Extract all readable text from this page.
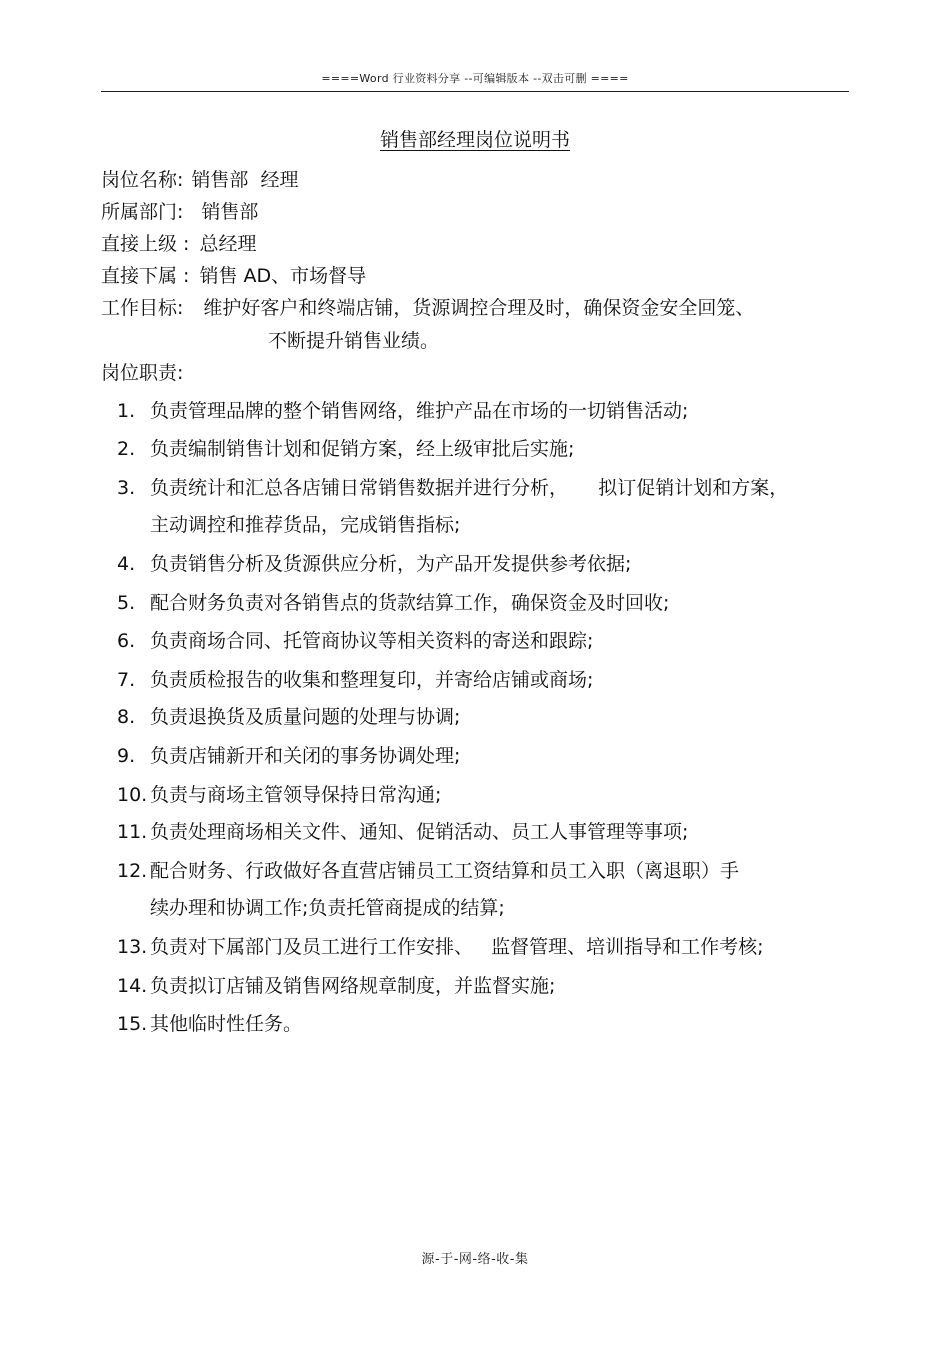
====Word 行业资料分享 --可编辑版本 --双击可删 ====
销售部经理岗位说明书
岗位名称: 销售部  经理
所属部门: 销售部
直接上级 : 总经理
直接下属 : 销售 AD、市场督导
工作目标: 维护好客户和终端店铺，货源调控合理及时，确保资金安全回笼、
不断提升销售业绩。
岗位职责:
1. 负责管理品牌的整个销售网络，维护产品在市场的一切销售活动;
2. 负责编制销售计划和促销方案，经上级审批后实施;
3. 负责统计和汇总各店铺日常销售数据并进行分析，     拟订促销计划和方案，
主动调控和推荐货品，完成销售指标;
4. 负责销售分析及货源供应分析，为产品开发提供参考依据;
5. 配合财务负责对各销售点的货款结算工作，确保资金及时回收;
6. 负责商场合同、托管商协议等相关资料的寄送和跟踪;
7. 负责质检报告的收集和整理复印，并寄给店铺或商场;
8. 负责退换货及质量问题的处理与协调;
9. 负责店铺新开和关闭的事务协调处理;
10. 负责与商场主管领导保持日常沟通;
11. 负责处理商场相关文件、通知、促销活动、员工人事管理等事项;
12. 配合财务、行政做好各直营店铺员工工资结算和员工入职（离退职）手
续办理和协调工作;负责托管商提成的结算;
13. 负责对下属部门及员工进行工作安排、   监督管理、培训指导和工作考核;
14. 负责拟订店铺及销售网络规章制度，并监督实施;
15. 其他临时性任务。
源-于-网-络-收-集
